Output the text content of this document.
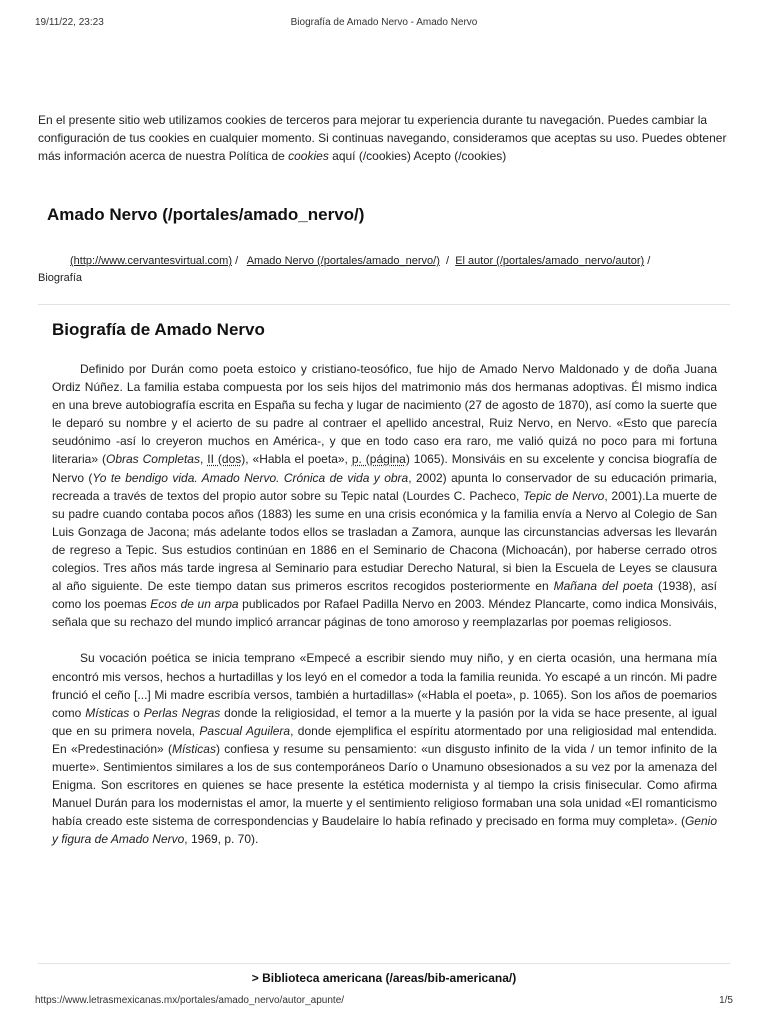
19/11/22, 23:23	Biografía de Amado Nervo - Amado Nervo
En el presente sitio web utilizamos cookies de terceros para mejorar tu experiencia durante tu navegación. Puedes cambiar la configuración de tus cookies en cualquier momento. Si continuas navegando, consideramos que aceptas su uso. Puedes obtener más información acerca de nuestra Política de cookies aquí (/cookies) Acepto (/cookies)
Amado Nervo (/portales/amado_nervo/)
(http://www.cervantesvirtual.com) / Amado Nervo (/portales/amado_nervo/) / El autor (/portales/amado_nervo/autor) /
Biografía
Biografía de Amado Nervo

Definido por Durán como poeta estoico y cristiano-teosófico, fue hijo de Amado Nervo Maldonado y de doña Juana Ordiz Núñez. La familia estaba compuesta por los seis hijos del matrimonio más dos hermanas adoptivas. Él mismo indica en una breve autobiografía escrita en España su fecha y lugar de nacimiento (27 de agosto de 1870), así como la suerte que le deparó su nombre y el acierto de su padre al contraer el apellido ancestral, Ruiz Nervo, en Nervo. «Esto que parecía seudónimo -así lo creyeron muchos en América-, y que en todo caso era raro, me valió quizá no poco para mi fortuna literaria» (Obras Completas, II (dos), «Habla el poeta», p. (página) 1065). Monsiváis en su excelente y concisa biografía de Nervo (Yo te bendigo vida. Amado Nervo. Crónica de vida y obra, 2002) apunta lo conservador de su educación primaria, recreada a través de textos del propio autor sobre su Tepic natal (Lourdes C. Pacheco, Tepic de Nervo, 2001).La muerte de su padre cuando contaba pocos años (1883) les sume en una crisis económica y la familia envía a Nervo al Colegio de San Luis Gonzaga de Jacona; más adelante todos ellos se trasladan a Zamora, aunque las circunstancias adversas les llevarán de regreso a Tepic. Sus estudios continúan en 1886 en el Seminario de Chacona (Michoacán), por haberse cerrado otros colegios. Tres años más tarde ingresa al Seminario para estudiar Derecho Natural, si bien la Escuela de Leyes se clausura al año siguiente. De este tiempo datan sus primeros escritos recogidos posteriormente en Mañana del poeta (1938), así como los poemas Ecos de un arpa publicados por Rafael Padilla Nervo en 2003. Méndez Plancarte, como indica Monsiváis, señala que su rechazo del mundo implicó arrancar páginas de tono amoroso y reemplazarlas por poemas religiosos.

Su vocación poética se inicia temprano «Empecé a escribir siendo muy niño, y en cierta ocasión, una hermana mía encontró mis versos, hechos a hurtadillas y los leyó en el comedor a toda la familia reunida. Yo escapé a un rincón. Mi padre frunció el ceño [...] Mi madre escribía versos, también a hurtadillas» («Habla el poeta», p. 1065). Son los años de poemarios como Místicas o Perlas Negras donde la religiosidad, el temor a la muerte y la pasión por la vida se hace presente, al igual que en su primera novela, Pascual Aguilera, donde ejemplifica el espíritu atormentado por una religiosidad mal entendida. En «Predestinación» (Místicas) confiesa y resume su pensamiento: «un disgusto infinito de la vida / un temor infinito de la muerte». Sentimientos similares a los de sus contemporáneos Darío o Unamuno obsesionados a su vez por la amenaza del Enigma. Son escritores en quienes se hace presente la estética modernista y al tiempo la crisis finisecular. Como afirma Manuel Durán para los modernistas el amor, la muerte y el sentimiento religioso formaban una sola unidad «El romanticismo había creado este sistema de correspondencias y Baudelaire lo había refinado y precisado en forma muy completa». (Genio y figura de Amado Nervo, 1969, p. 70).

> Biblioteca americana (/areas/bib-americana/)
https://www.letrasmexicanas.mx/portales/amado_nervo/autor_apunte/	1/5
